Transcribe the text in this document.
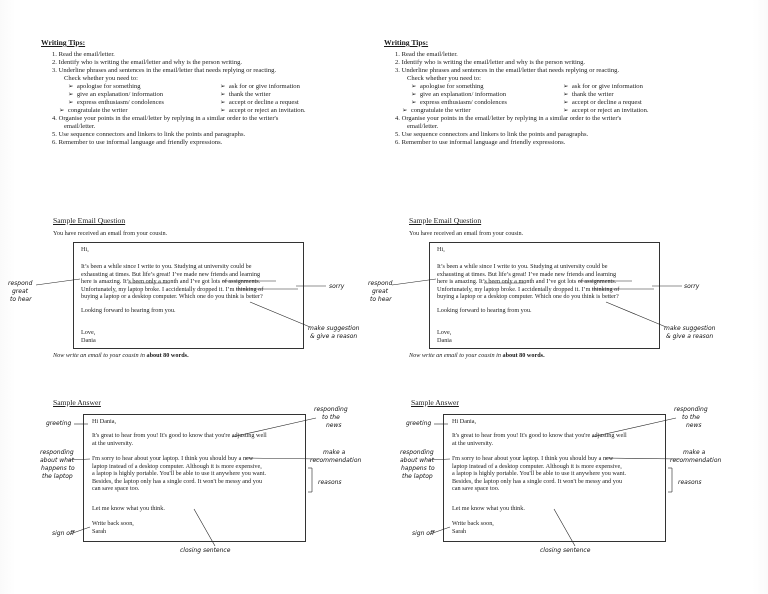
Writing Tips:
1. Read the email/letter.
2. Identify who is writing the email/letter and why is the person writing.
3. Underline phrases and sentences in the email/letter that needs replying or reacting.
Check whether you need to:
➢ apologise for something
➢ give an explanation/ information
➢ express enthusiasm/ condolences
➢ congratulate the writer
➢ ask for or give information
➢ thank the writer
➢ accept or decline a request
➢ accept or reject an invitation.
4. Organise your points in the email/letter by replying in a similar order to the writer's
email/letter.
5. Use sequence connectors and linkers to link the points and paragraphs.
6. Remember to use informal language and friendly expressions.
Sample Email Question
You have received an email from your cousin.
Hi,
It’s been a while since I write to you. Studying at university could be
exhausting at times. But life’s great! I’ve made new friends and learning
here is amazing. It’s been only a month and I’ve got lots of assignments.
Unfortunately, my laptop broke. I accidentally dropped it. I’m thinking of
buying a laptop or a desktop computer. Which one do you think is better?
Looking forward to hearing from you.
Love,
Dania
respond
great
to hear
sorry
make suggestion
& give a reason
Now write an email to your cousin in about 80 words.
Sample Answer
Hi Dania,
It's great to hear from you! It's good to know that you're adjusting well
at the university.
I'm sorry to hear about your laptop. I think you should buy a new
laptop instead of a desktop computer. Although it is more expensive,
a laptop is highly portable. You'll be able to use it anywhere you want.
Besides, the laptop only has a single cord. It won't be messy and you
can save space too.
Let me know what you think.
Write back soon,
Sarah
greeting
responding
to the
news
responding
about what
happens to
the laptop
make a
recommendation
reasons
sign off
closing sentence
Writing Tips:
1. Read the email/letter.
2. Identify who is writing the email/letter and why is the person writing.
3. Underline phrases and sentences in the email/letter that needs replying or reacting.
Check whether you need to:
➢ apologise for something
➢ give an explanation/ information
➢ express enthusiasm/ condolences
➢ congratulate the writer
➢ ask for or give information
➢ thank the writer
➢ accept or decline a request
➢ accept or reject an invitation.
4. Organise your points in the email/letter by replying in a similar order to the writer's
email/letter.
5. Use sequence connectors and linkers to link the points and paragraphs.
6. Remember to use informal language and friendly expressions.
Sample Email Question
You have received an email from your cousin.
Hi,
It’s been a while since I write to you. Studying at university could be
exhausting at times. But life’s great! I’ve made new friends and learning
here is amazing. It’s been only a month and I’ve got lots of assignments.
Unfortunately, my laptop broke. I accidentally dropped it. I’m thinking of
buying a laptop or a desktop computer. Which one do you think is better?
Looking forward to hearing from you.
Love,
Dania
respond
great
to hear
sorry
make suggestion
& give a reason
Now write an email to your cousin in about 80 words.
Sample Answer
Hi Dania,
It's great to hear from you! It's good to know that you're adjusting well
at the university.
I'm sorry to hear about your laptop. I think you should buy a new
laptop instead of a desktop computer. Although it is more expensive,
a laptop is highly portable. You'll be able to use it anywhere you want.
Besides, the laptop only has a single cord. It won't be messy and you
can save space too.
Let me know what you think.
Write back soon,
Sarah
greeting
responding
to the
news
responding
about what
happens to
the laptop
make a
recommendation
reasons
sign off
closing sentence
